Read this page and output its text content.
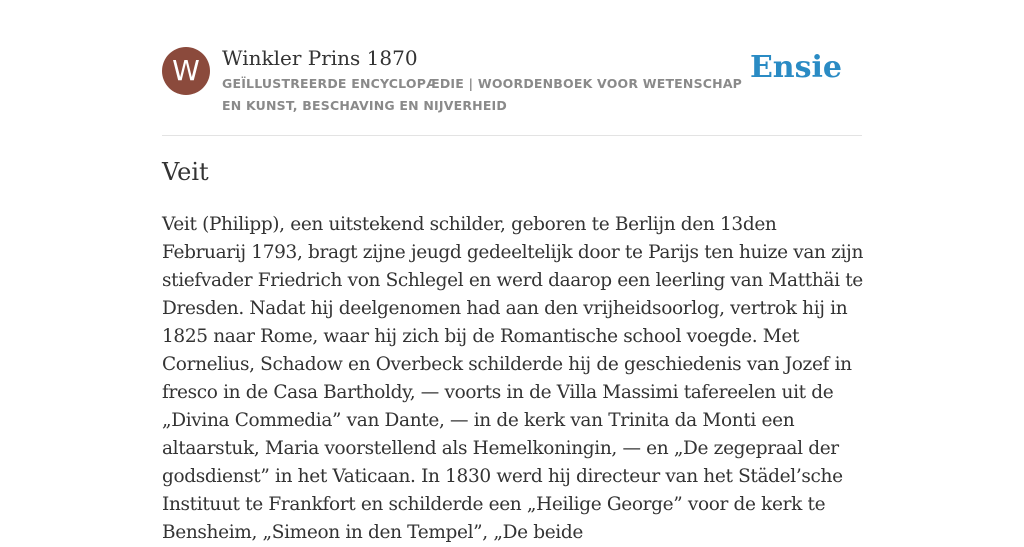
W	Winkler Prins 1870
GEÏLLUSTREERDE ENCYCLOPÆDIE | WOORDENBOEK VOOR WETENSCHAP EN KUNST, BESCHAVING EN NIJVERHEID
Ensie
Veit

Veit (Philipp), een uitstekend schilder, geboren te Berlijn den 13den Februarij 1793, bragt zijne jeugd gedeeltelijk door te Parijs ten huize van zijn stiefvader Friedrich von Schlegel en werd daarop een leerling van Matthäi te Dresden. Nadat hij deelgenomen had aan den vrijheidsoorlog, vertrok hij in 1825 naar Rome, waar hij zich bij de Romantische school voegde. Met Cornelius, Schadow en Overbeck schilderde hij de geschiedenis van Jozef in fresco in de Casa Bartholdy, — voorts in de Villa Massimi tafereelen uit de „Divina Commedia” van Dante, — in de kerk van Trinita da Monti een altaarstuk, Maria voorstellend als Hemelkoningin, — en „De zegepraal der godsdienst” in het Vaticaan. In 1830 werd hij directeur van het Städel’sche Instituut te Frankfort en schilderde een „Heilige George” voor de kerk te Bensheim, „Simeon in den Tempel”, „De beide
